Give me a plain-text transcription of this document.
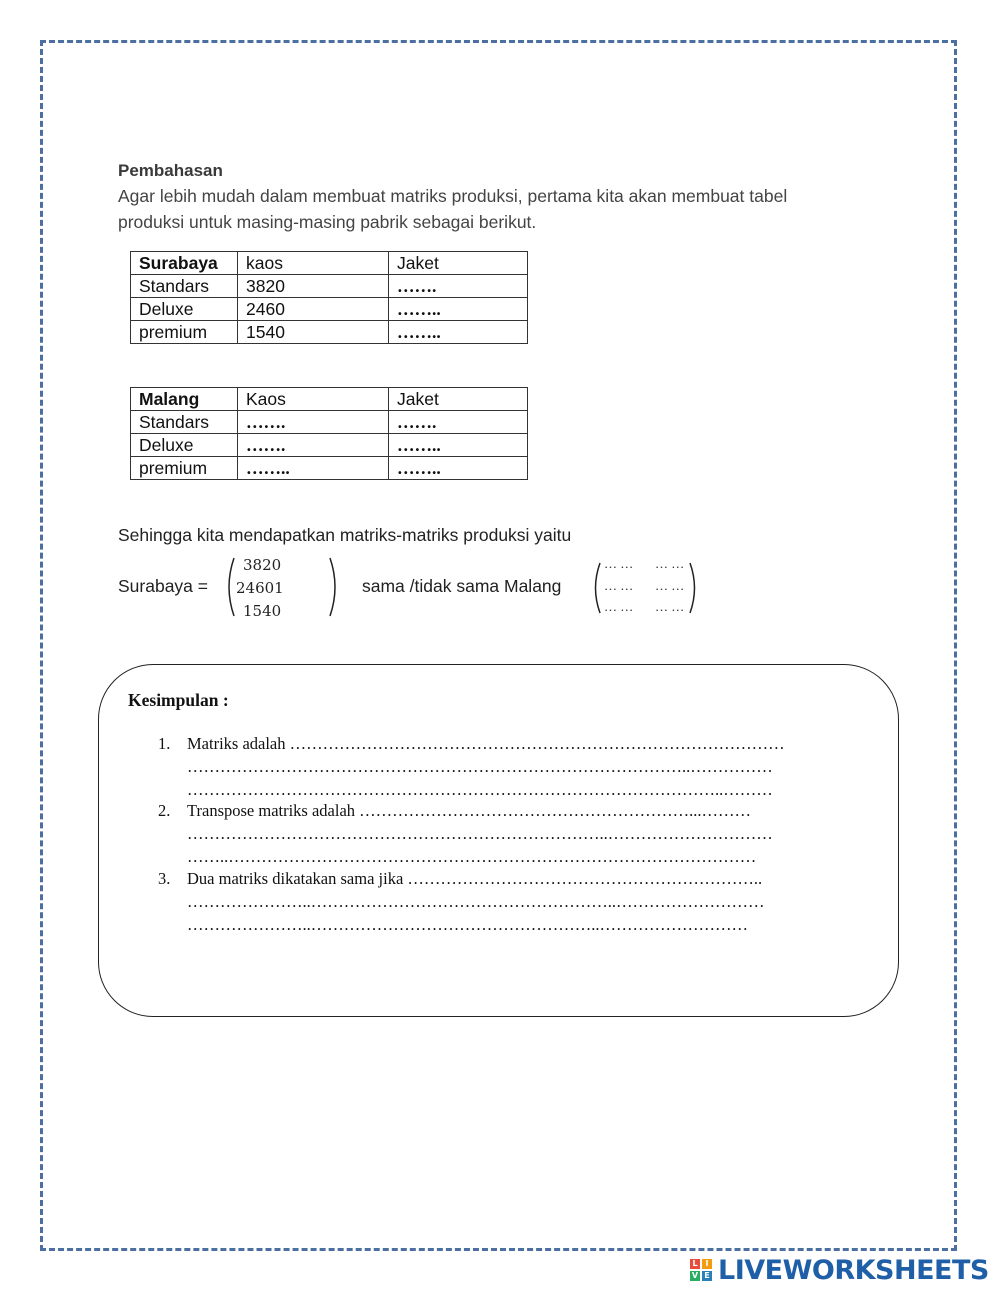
Pembahasan
Agar lebih mudah dalam membuat matriks produksi, pertama kita akan membuat tabel
produksi untuk masing-masing pabrik sebagai berikut.
Surabaya	kaos	Jaket
Standars	3820	…….
Deluxe	2460	……..
premium	1540	……..
Malang	Kaos	Jaket
Standars	…….	…….
Deluxe	…….	……..
premium	……..	……..
Sehingga kita mendapatkan matriks-matriks produksi yaitu
Surabaya =
3820
24601
1540
sama /tidak sama Malang
… … … …
… … … …
… … … …
Kesimpulan :
1. Matriks adalah ………………………………………………………………………………
………………………………………………………………………………..……………
……………………………………………………………………………………..………
2. Transpose matriks adalah ……………………………………………………...………
…………………………………………………………………..…………………………
……..……………………………………………………………………………………
3. Dua matriks dikatakan sama jika ………………………………………………………..
…………………..………………………………………………..………………………
…………………..……………………………………………..………………………
L I
V E LIVEWORKSHEETS
